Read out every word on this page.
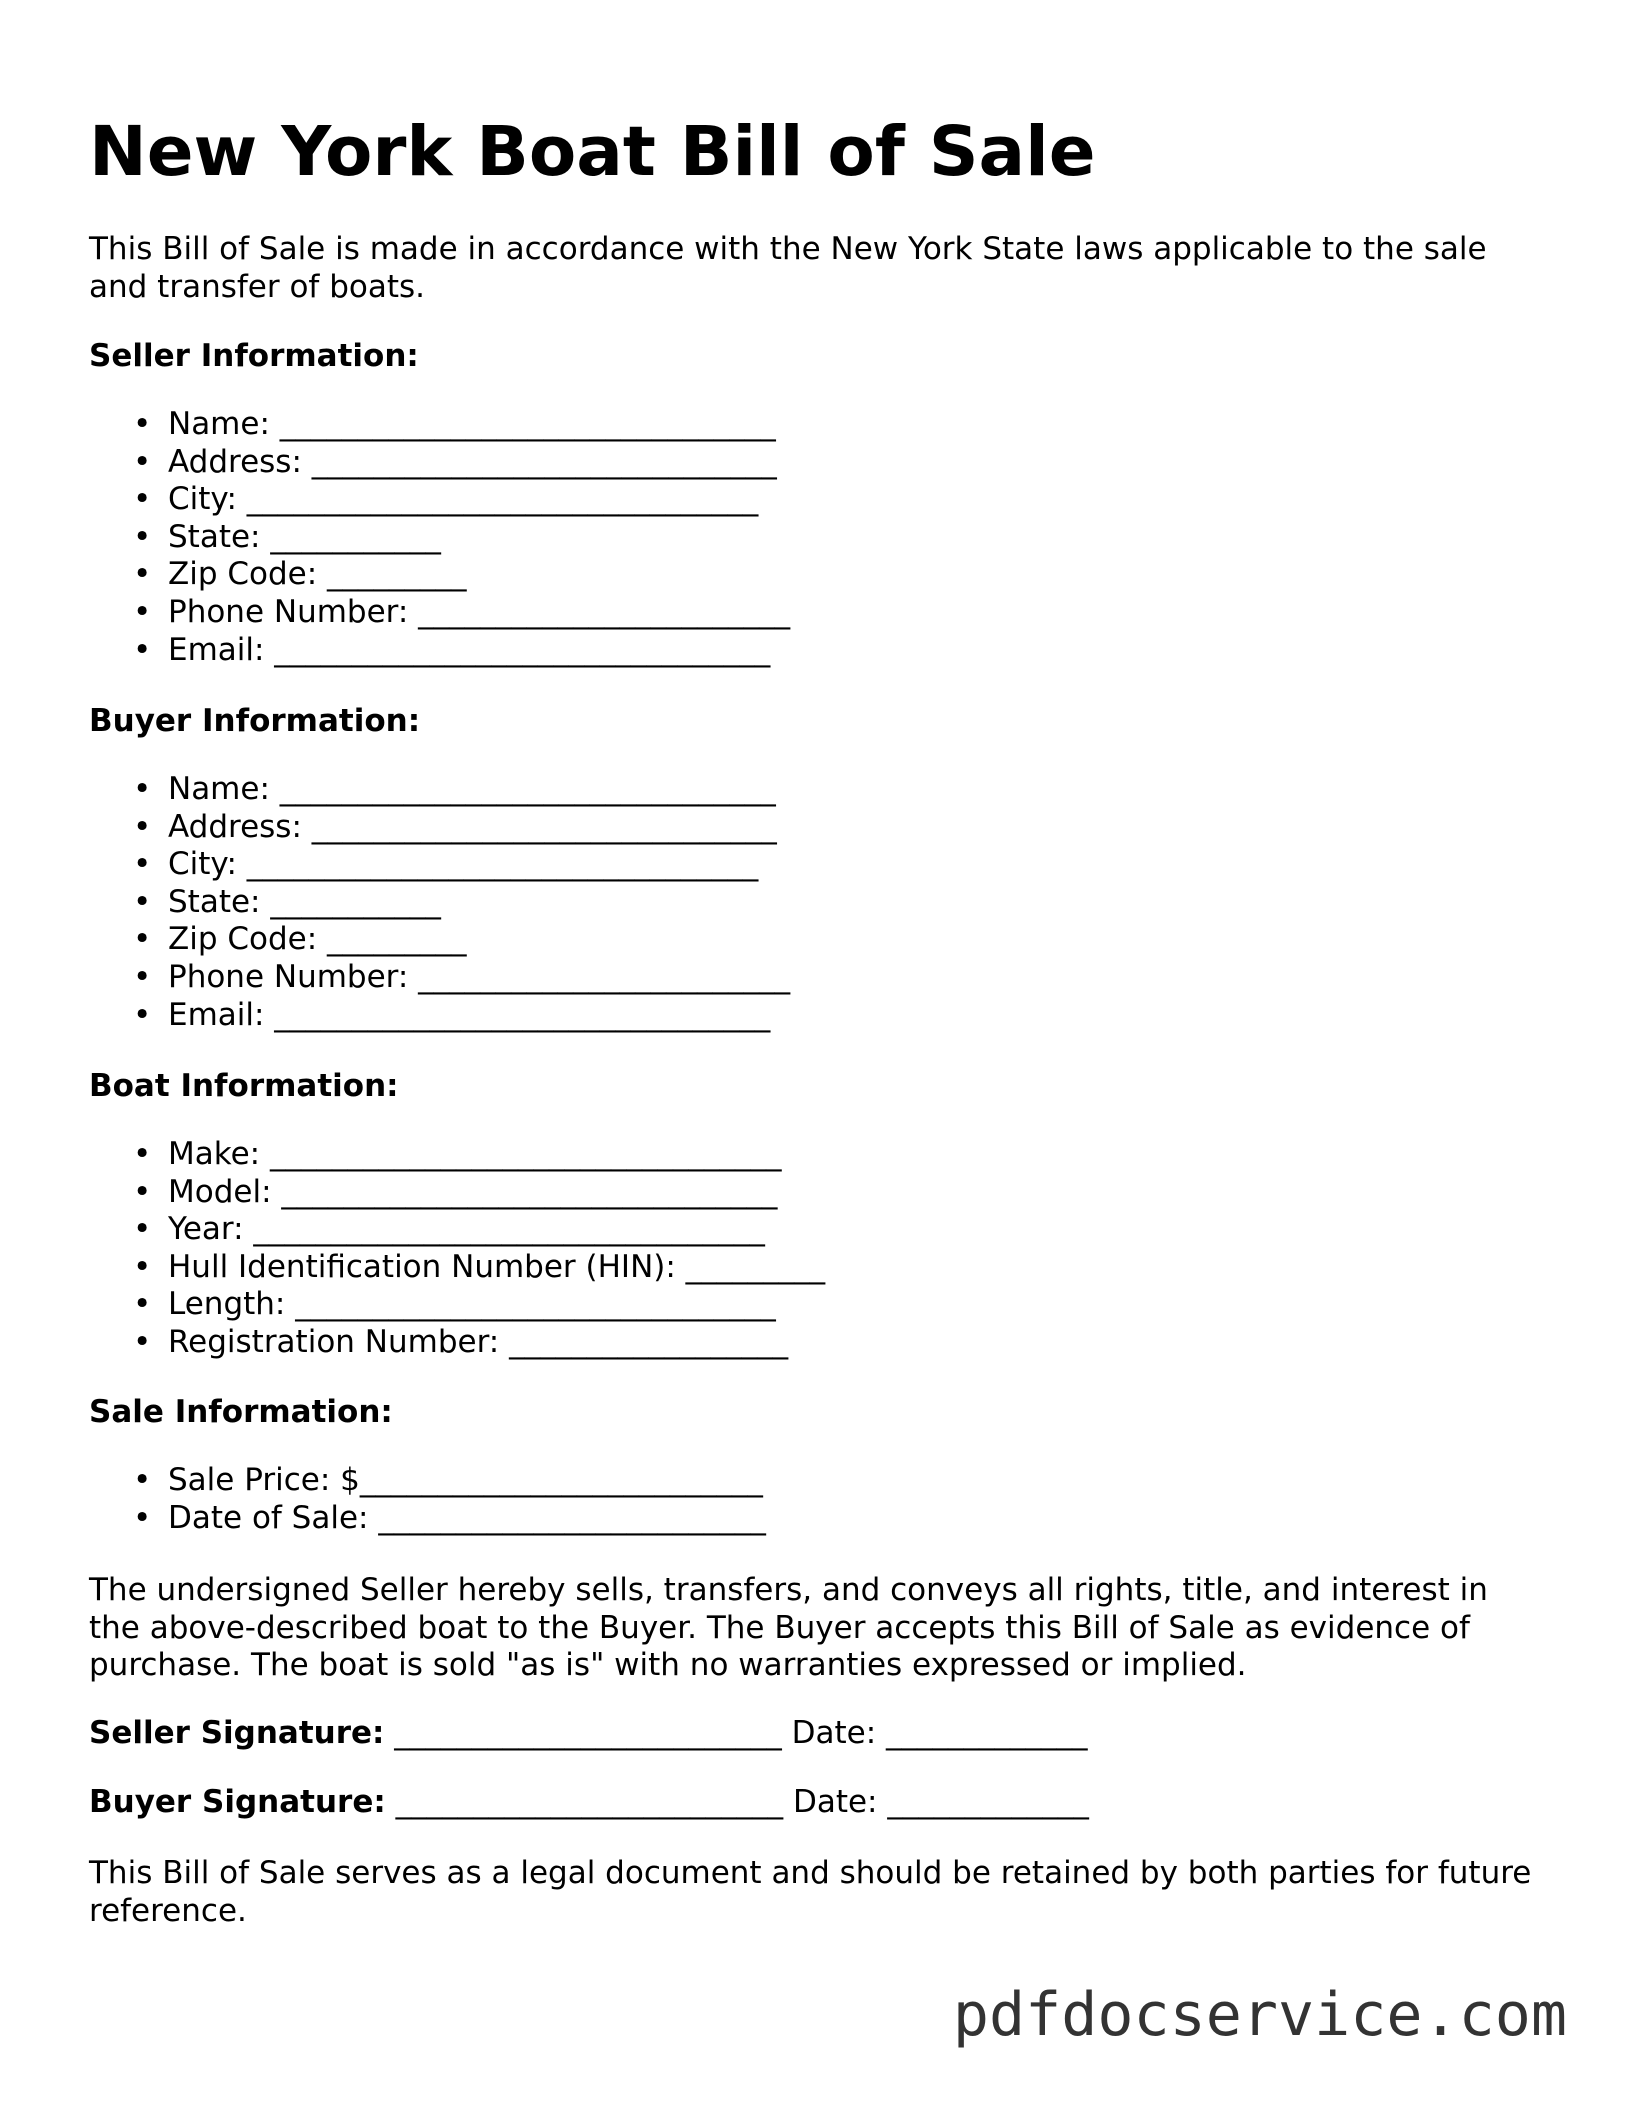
New York Boat Bill of Sale

This Bill of Sale is made in accordance with the New York State laws applicable to the sale and transfer of boats.

Seller Information:

• Name: ________________________________
• Address: ______________________________
• City: _________________________________
• State: ___________
• Zip Code: _________
• Phone Number: ________________________
• Email: ________________________________

Buyer Information:

• Name: ________________________________
• Address: ______________________________
• City: _________________________________
• State: ___________
• Zip Code: _________
• Phone Number: ________________________
• Email: ________________________________

Boat Information:

• Make: _________________________________
• Model: ________________________________
• Year: _________________________________
• Hull Identification Number (HIN): _________
• Length: _______________________________
• Registration Number: __________________

Sale Information:

• Sale Price: $__________________________
• Date of Sale: _________________________

The undersigned Seller hereby sells, transfers, and conveys all rights, title, and interest in the above-described boat to the Buyer. The Buyer accepts this Bill of Sale as evidence of purchase. The boat is sold "as is" with no warranties expressed or implied.

Seller Signature: _________________________ Date: _____________

Buyer Signature: _________________________ Date: _____________

This Bill of Sale serves as a legal document and should be retained by both parties for future reference.

pdfdocservice.com
